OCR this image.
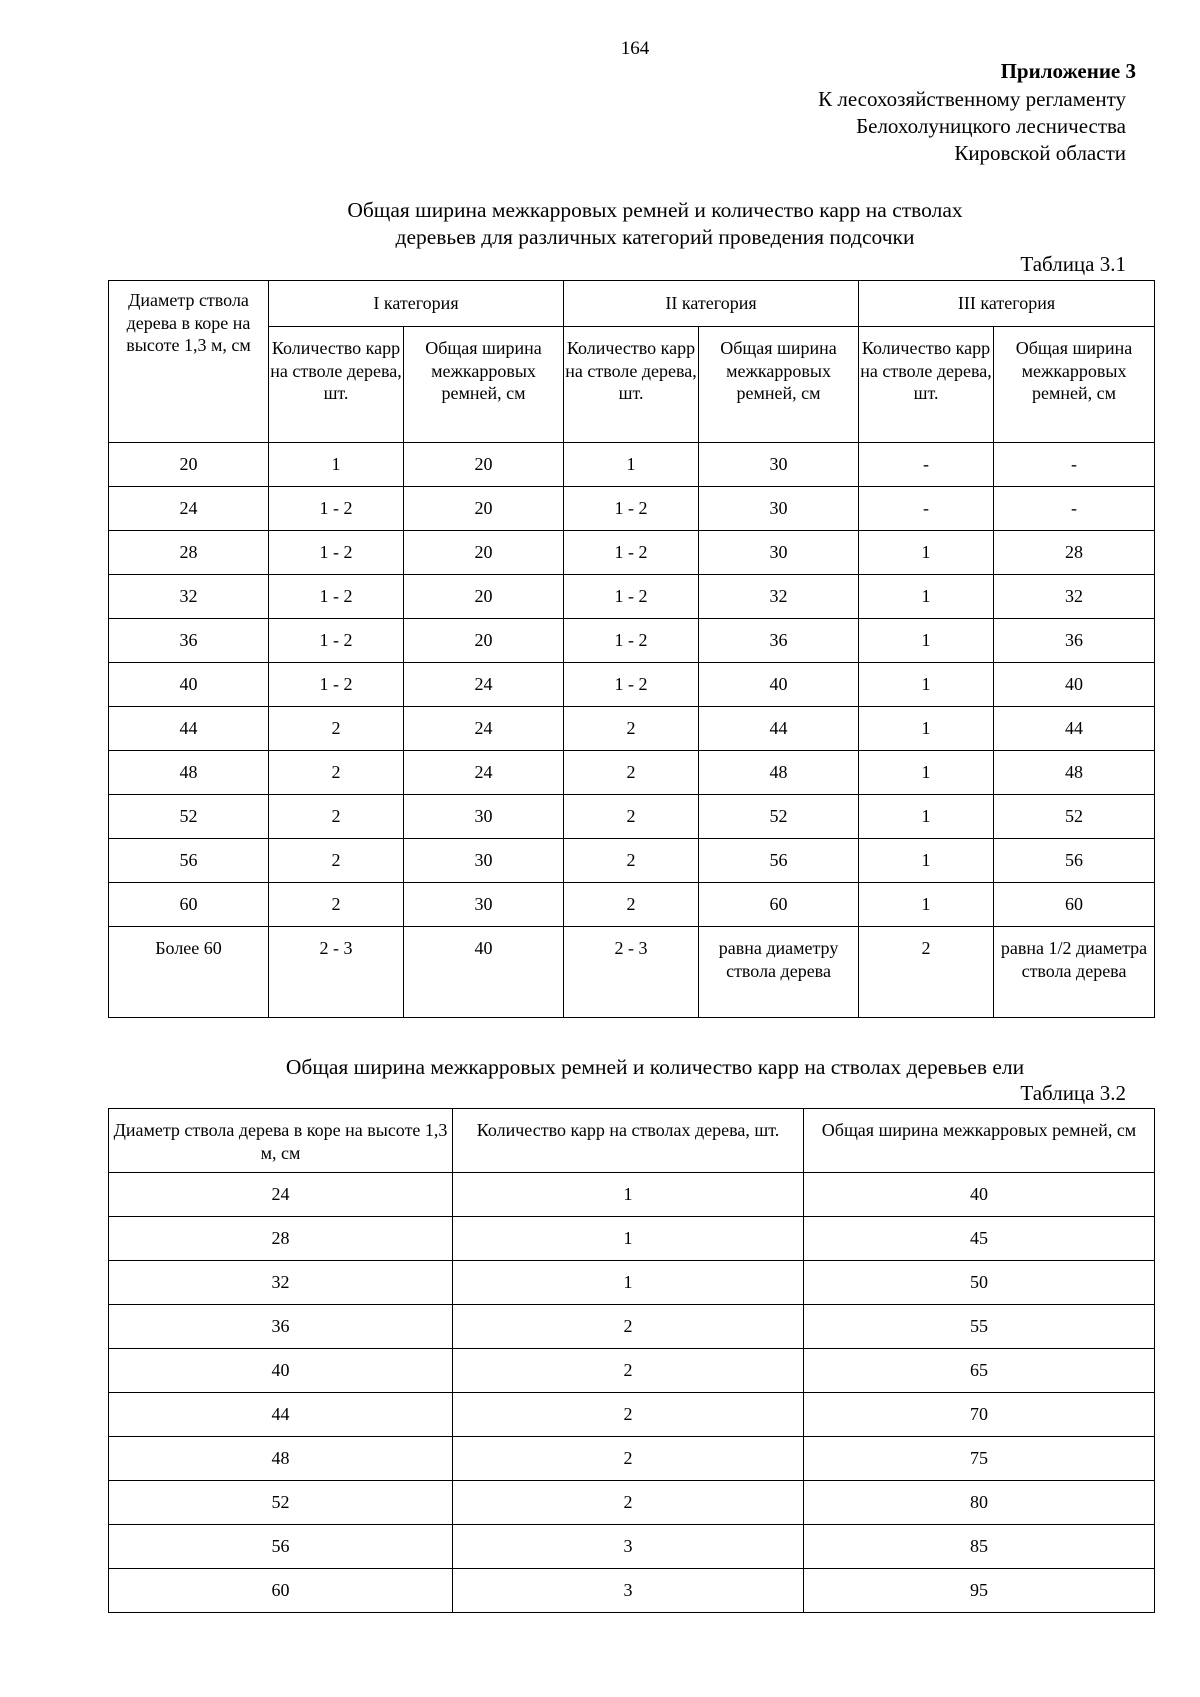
164
Приложение 3
К лесохозяйственному регламенту
Белохолуницкого лесничества
Кировской области
Общая ширина межкарровых ремней и количество карр на стволах
деревьев для различных категорий проведения подсочки
Таблица 3.1
Диаметр ствола дерева в коре на высоте 1,3 м, см	I категория		II категория		III категория	
	Количество карр на стволе дерева, шт.	Общая ширина межкарровых ремней, см	Количество карр на стволе дерева, шт.	Общая ширина межкарровых ремней, см	Количество карр на стволе дерева, шт.	Общая ширина межкарровых ремней, см
20	1	20	1	30	-	-
24	1 - 2	20	1 - 2	30	-	-
28	1 - 2	20	1 - 2	30	1	28
32	1 - 2	20	1 - 2	32	1	32
36	1 - 2	20	1 - 2	36	1	36
40	1 - 2	24	1 - 2	40	1	40
44	2	24	2	44	1	44
48	2	24	2	48	1	48
52	2	30	2	52	1	52
56	2	30	2	56	1	56
60	2	30	2	60	1	60
Более 60	2 - 3	40	2 - 3	равна диаметру ствола дерева	2	равна 1/2 диаметра ствола дерева
Общая ширина межкарровых ремней и количество карр на стволах деревьев ели
Таблица 3.2
Диаметр ствола дерева в коре на высоте 1,3 м, см	Количество карр на стволах дерева, шт.	Общая ширина межкарровых ремней, см
24	1	40
28	1	45
32	1	50
36	2	55
40	2	65
44	2	70
48	2	75
52	2	80
56	3	85
60	3	95
